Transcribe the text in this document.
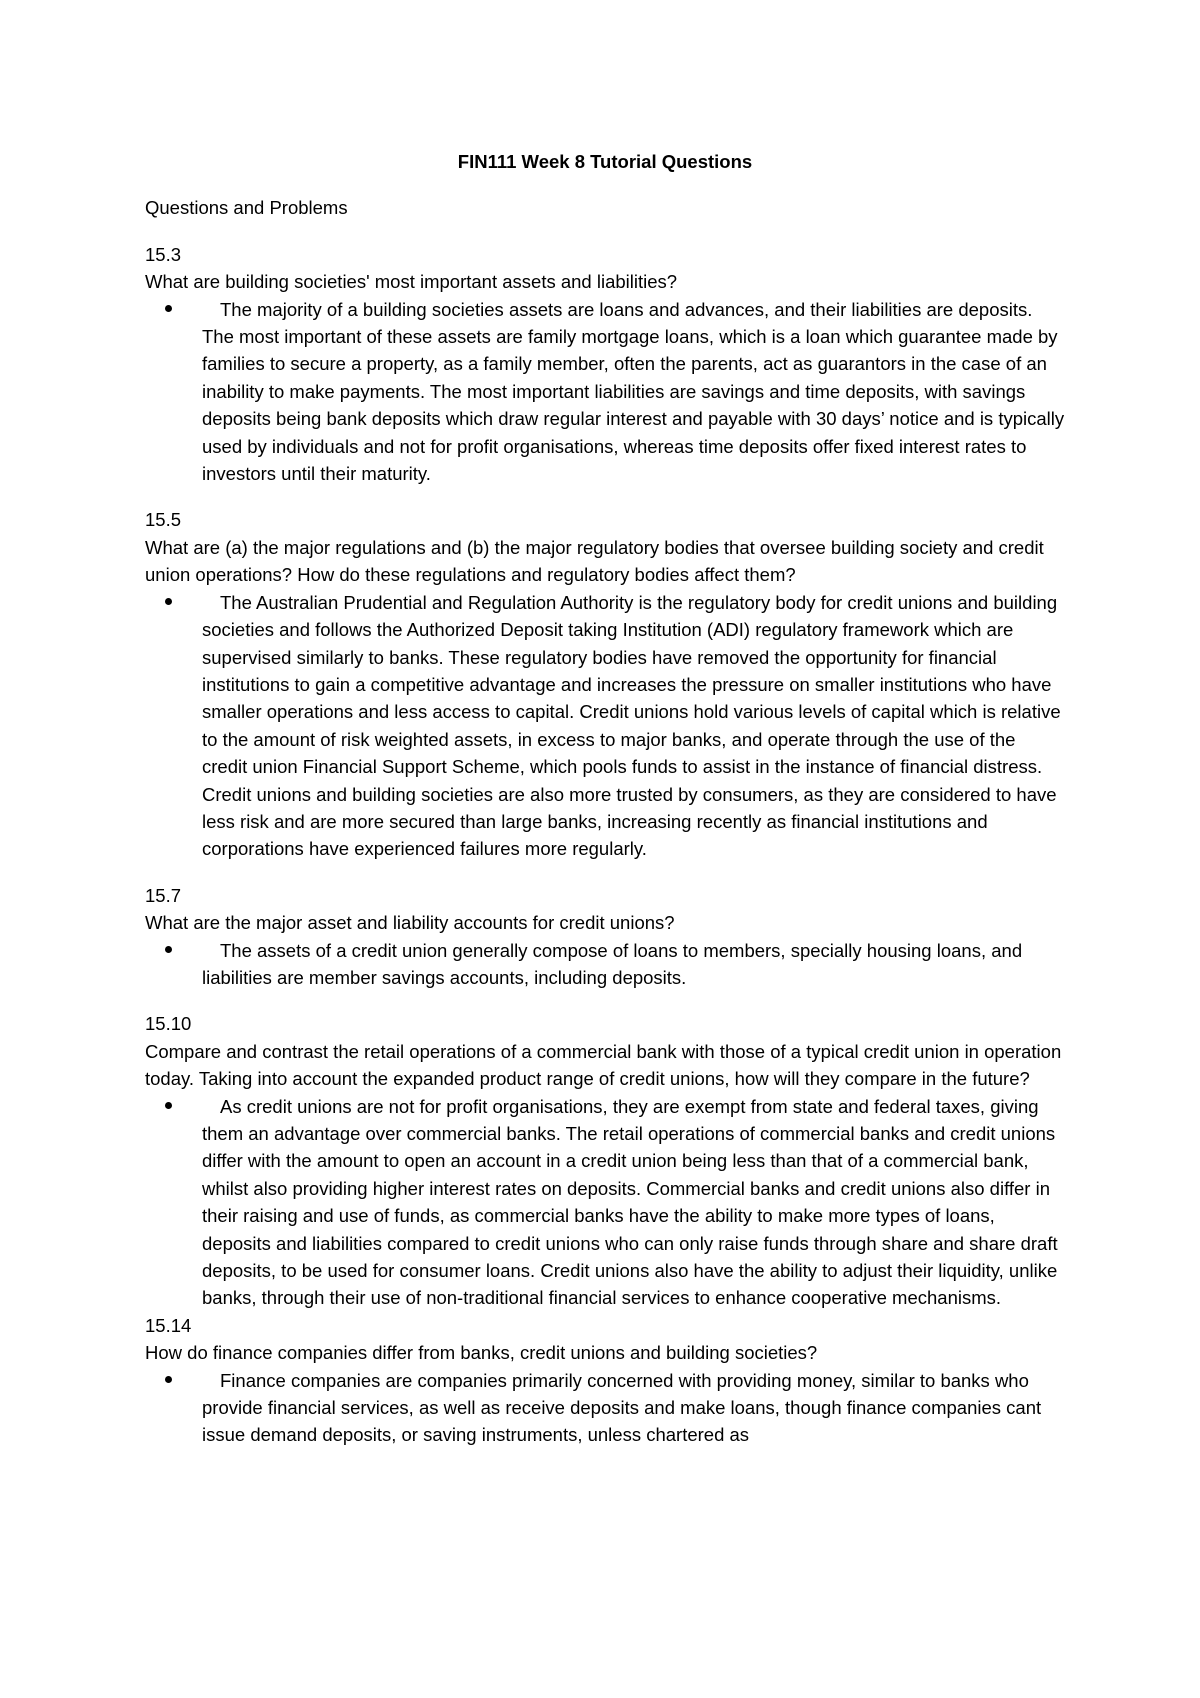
FIN111 Week 8 Tutorial Questions

Questions and Problems

15.3

What are building societies' most important assets and liabilities?

The majority of a building societies assets are loans and advances, and their liabilities are deposits. The most important of these assets are family mortgage loans, which is a loan which guarantee made by families to secure a property, as a family member, often the parents, act as guarantors in the case of an inability to make payments. The most important liabilities are savings and time deposits, with savings deposits being bank deposits which draw regular interest and payable with 30 days’ notice and is typically used by individuals and not for profit organisations, whereas time deposits offer fixed interest rates to investors until their maturity.

15.5

What are (a) the major regulations and (b) the major regulatory bodies that oversee building society and credit union operations? How do these regulations and regulatory bodies affect them?

The Australian Prudential and Regulation Authority is the regulatory body for credit unions and building societies and follows the Authorized Deposit taking Institution (ADI) regulatory framework which are supervised similarly to banks. These regulatory bodies have removed the opportunity for financial institutions to gain a competitive advantage and increases the pressure on smaller institutions who have smaller operations and less access to capital. Credit unions hold various levels of capital which is relative to the amount of risk weighted assets, in excess to major banks, and operate through the use of the credit union Financial Support Scheme, which pools funds to assist in the instance of financial distress. Credit unions and building societies are also more trusted by consumers, as they are considered to have less risk and are more secured than large banks, increasing recently as financial institutions and corporations have experienced failures more regularly.

15.7

What are the major asset and liability accounts for credit unions?

The assets of a credit union generally compose of loans to members, specially housing loans, and liabilities are member savings accounts, including deposits.

15.10

Compare and contrast the retail operations of a commercial bank with those of a typical credit union in operation today. Taking into account the expanded product range of credit unions, how will they compare in the future?

As credit unions are not for profit organisations, they are exempt from state and federal taxes, giving them an advantage over commercial banks. The retail operations of commercial banks and credit unions differ with the amount to open an account in a credit union being less than that of a commercial bank, whilst also providing higher interest rates on deposits. Commercial banks and credit unions also differ in their raising and use of funds, as commercial banks have the ability to make more types of loans, deposits and liabilities compared to credit unions who can only raise funds through share and share draft deposits, to be used for consumer loans. Credit unions also have the ability to adjust their liquidity, unlike banks, through their use of non-traditional financial services to enhance cooperative mechanisms.

15.14

How do finance companies differ from banks, credit unions and building societies?

Finance companies are companies primarily concerned with providing money, similar to banks who provide financial services, as well as receive deposits and make loans, though finance companies cant issue demand deposits, or saving instruments, unless chartered as
